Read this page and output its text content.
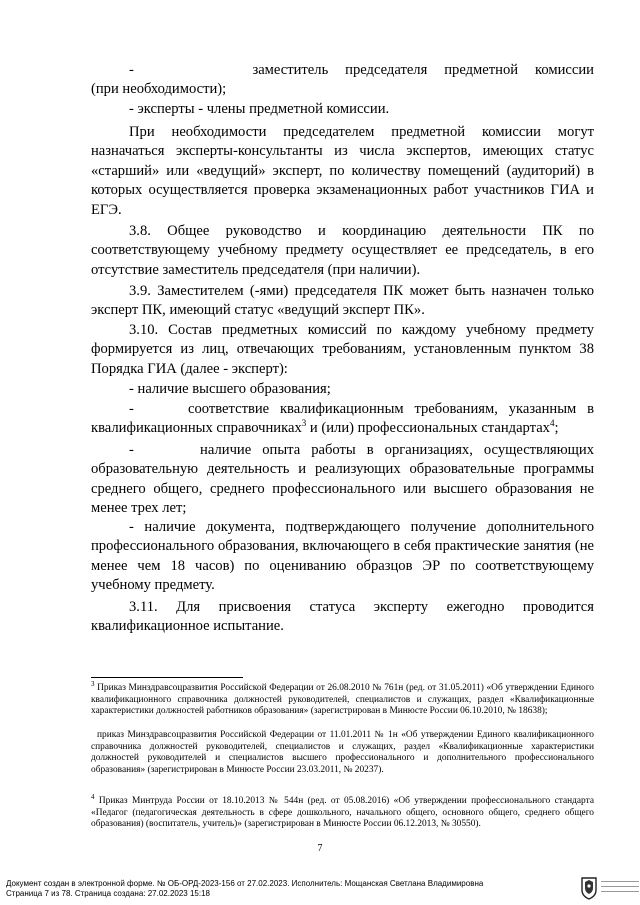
-       заместитель председателя предметной комиссии

(при необходимости);

- эксперты - члены предметной комиссии.

При необходимости председателем предметной комиссии могут назначаться эксперты-консультанты из числа экспертов, имеющих статус «старший» или «ведущий» эксперт, по количеству помещений (аудиторий) в которых осуществляется проверка экзаменационных работ участников ГИА и ЕГЭ.

3.8. Общее руководство и координацию деятельности ПК по соответствующему учебному предмету осуществляет ее председатель, в его отсутствие заместитель председателя (при наличии).

3.9. Заместителем (-ями) председателя ПК может быть назначен только эксперт ПК, имеющий статус «ведущий эксперт ПК».

3.10. Состав предметных комиссий по каждому учебному предмету формируется из лиц, отвечающих требованиям, установленным пунктом 38 Порядка ГИА (далее - эксперт):

- наличие высшего образования;

-     соответствие квалификационным требованиям, указанным в квалификационных справочниках$^3$ и (или) профессиональных стандартах$^4$;

-      наличие опыта работы в организациях, осуществляющих образовательную деятельность и реализующих образовательные программы среднего общего, среднего профессионального или высшего образования не менее трех лет;

- наличие документа, подтверждающего получение дополнительного профессионального образования, включающего в себя практические занятия (не менее чем 18 часов) по оцениванию образцов ЭР по соответствующему учебному предмету.

3.11. Для присвоения статуса эксперту ежегодно проводится квалификационное испытание.

$^3$ Приказ Минздравсоцразвития Российской Федерации от 26.08.2010 № 761н (ред. от 31.05.2011) «Об утверждении Единого квалификационного справочника должностей руководителей, специалистов и служащих, раздел «Квалификационные характеристики должностей работников образования» (зарегистрирован в Минюсте России 06.10.2010, № 18638);

приказ Минздравсоцразвития Российской Федерации от 11.01.2011 № 1н «Об утверждении Единого квалификационного справочника должностей руководителей, специалистов и служащих, раздел «Квалификационные характеристики должностей руководителей и специалистов высшего профессионального и дополнительного профессионального образования» (зарегистрирован в Минюсте России 23.03.2011, № 20237).

$^4$ Приказ Минтруда России от 18.10.2013 № 544н (ред. от 05.08.2016) «Об утверждении профессионального стандарта «Педагог (педагогическая деятельность в сфере дошкольного, начального общего, основного общего, среднего общего образования) (воспитатель, учитель)» (зарегистрирован в Минюсте России 06.12.2013, № 30550).

7
Документ создан в электронной форме. № ОБ-ОРД-2023-156 от 27.02.2023. Исполнитель: Мощанская Светлана Владимировна
Страница 7 из 78. Страница создана: 27.02.2023 15:18
